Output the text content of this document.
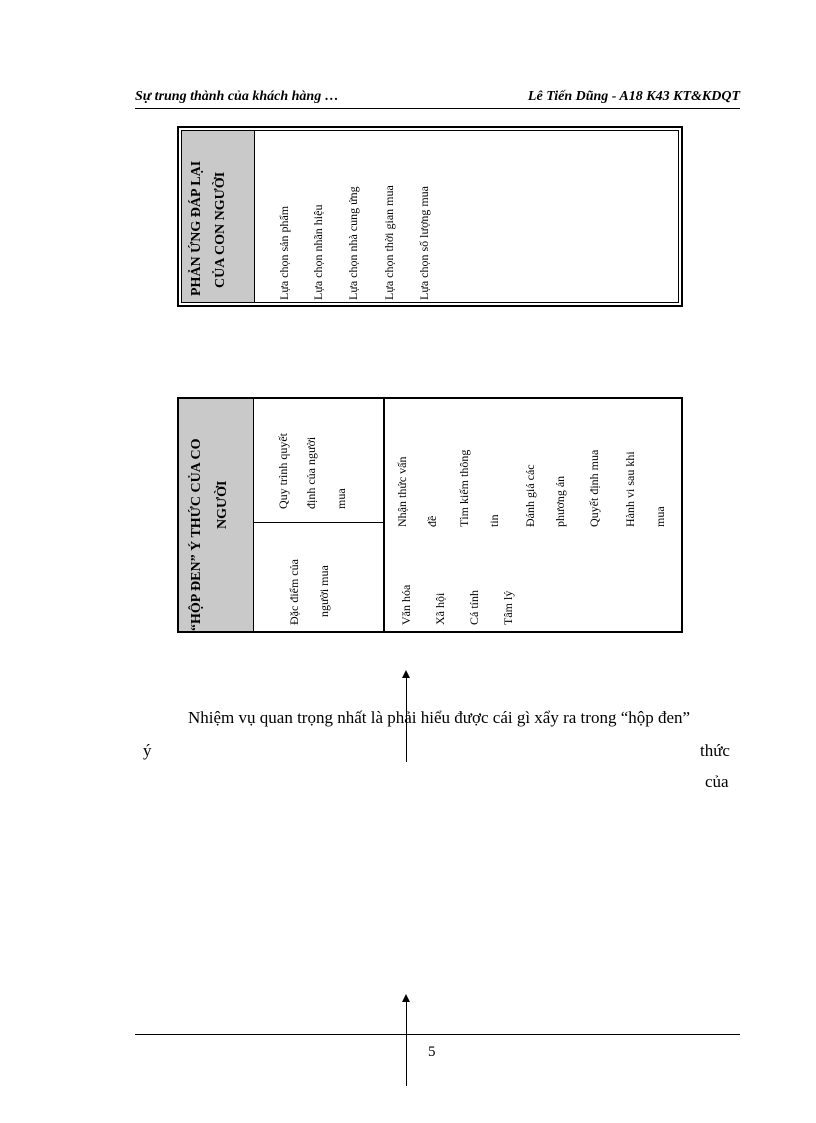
Sự trung thành của khách hàng …	Lê Tiến Dũng - A18 K43 KT&KDQT
PHẢN ỨNG ĐÁP LẠI CỦA CON NGƯỜI	Lựa chọn sản phẩm Lựa chọn nhãn hiệu Lựa chọn nhà cung ứng Lựa chọn thời gian mua Lựa chọn số lượng mua
“HỘP ĐEN” Ý THỨC CỦA CO NGƯỜI
Đặc điểm của người mua
Quy trình quyết định của người mua
Văn hóa Xã hội Cá tính Tâm lý
Nhận thức vấn đề Tìm kiếm thông tin Đánh giá các phương án Quyết định mua Hành vi sau khi mua
Nhiệm vụ quan trọng nhất là phải hiểu được cái gì xẩy ra trong “hộp đen”
ý	thức
của
5
